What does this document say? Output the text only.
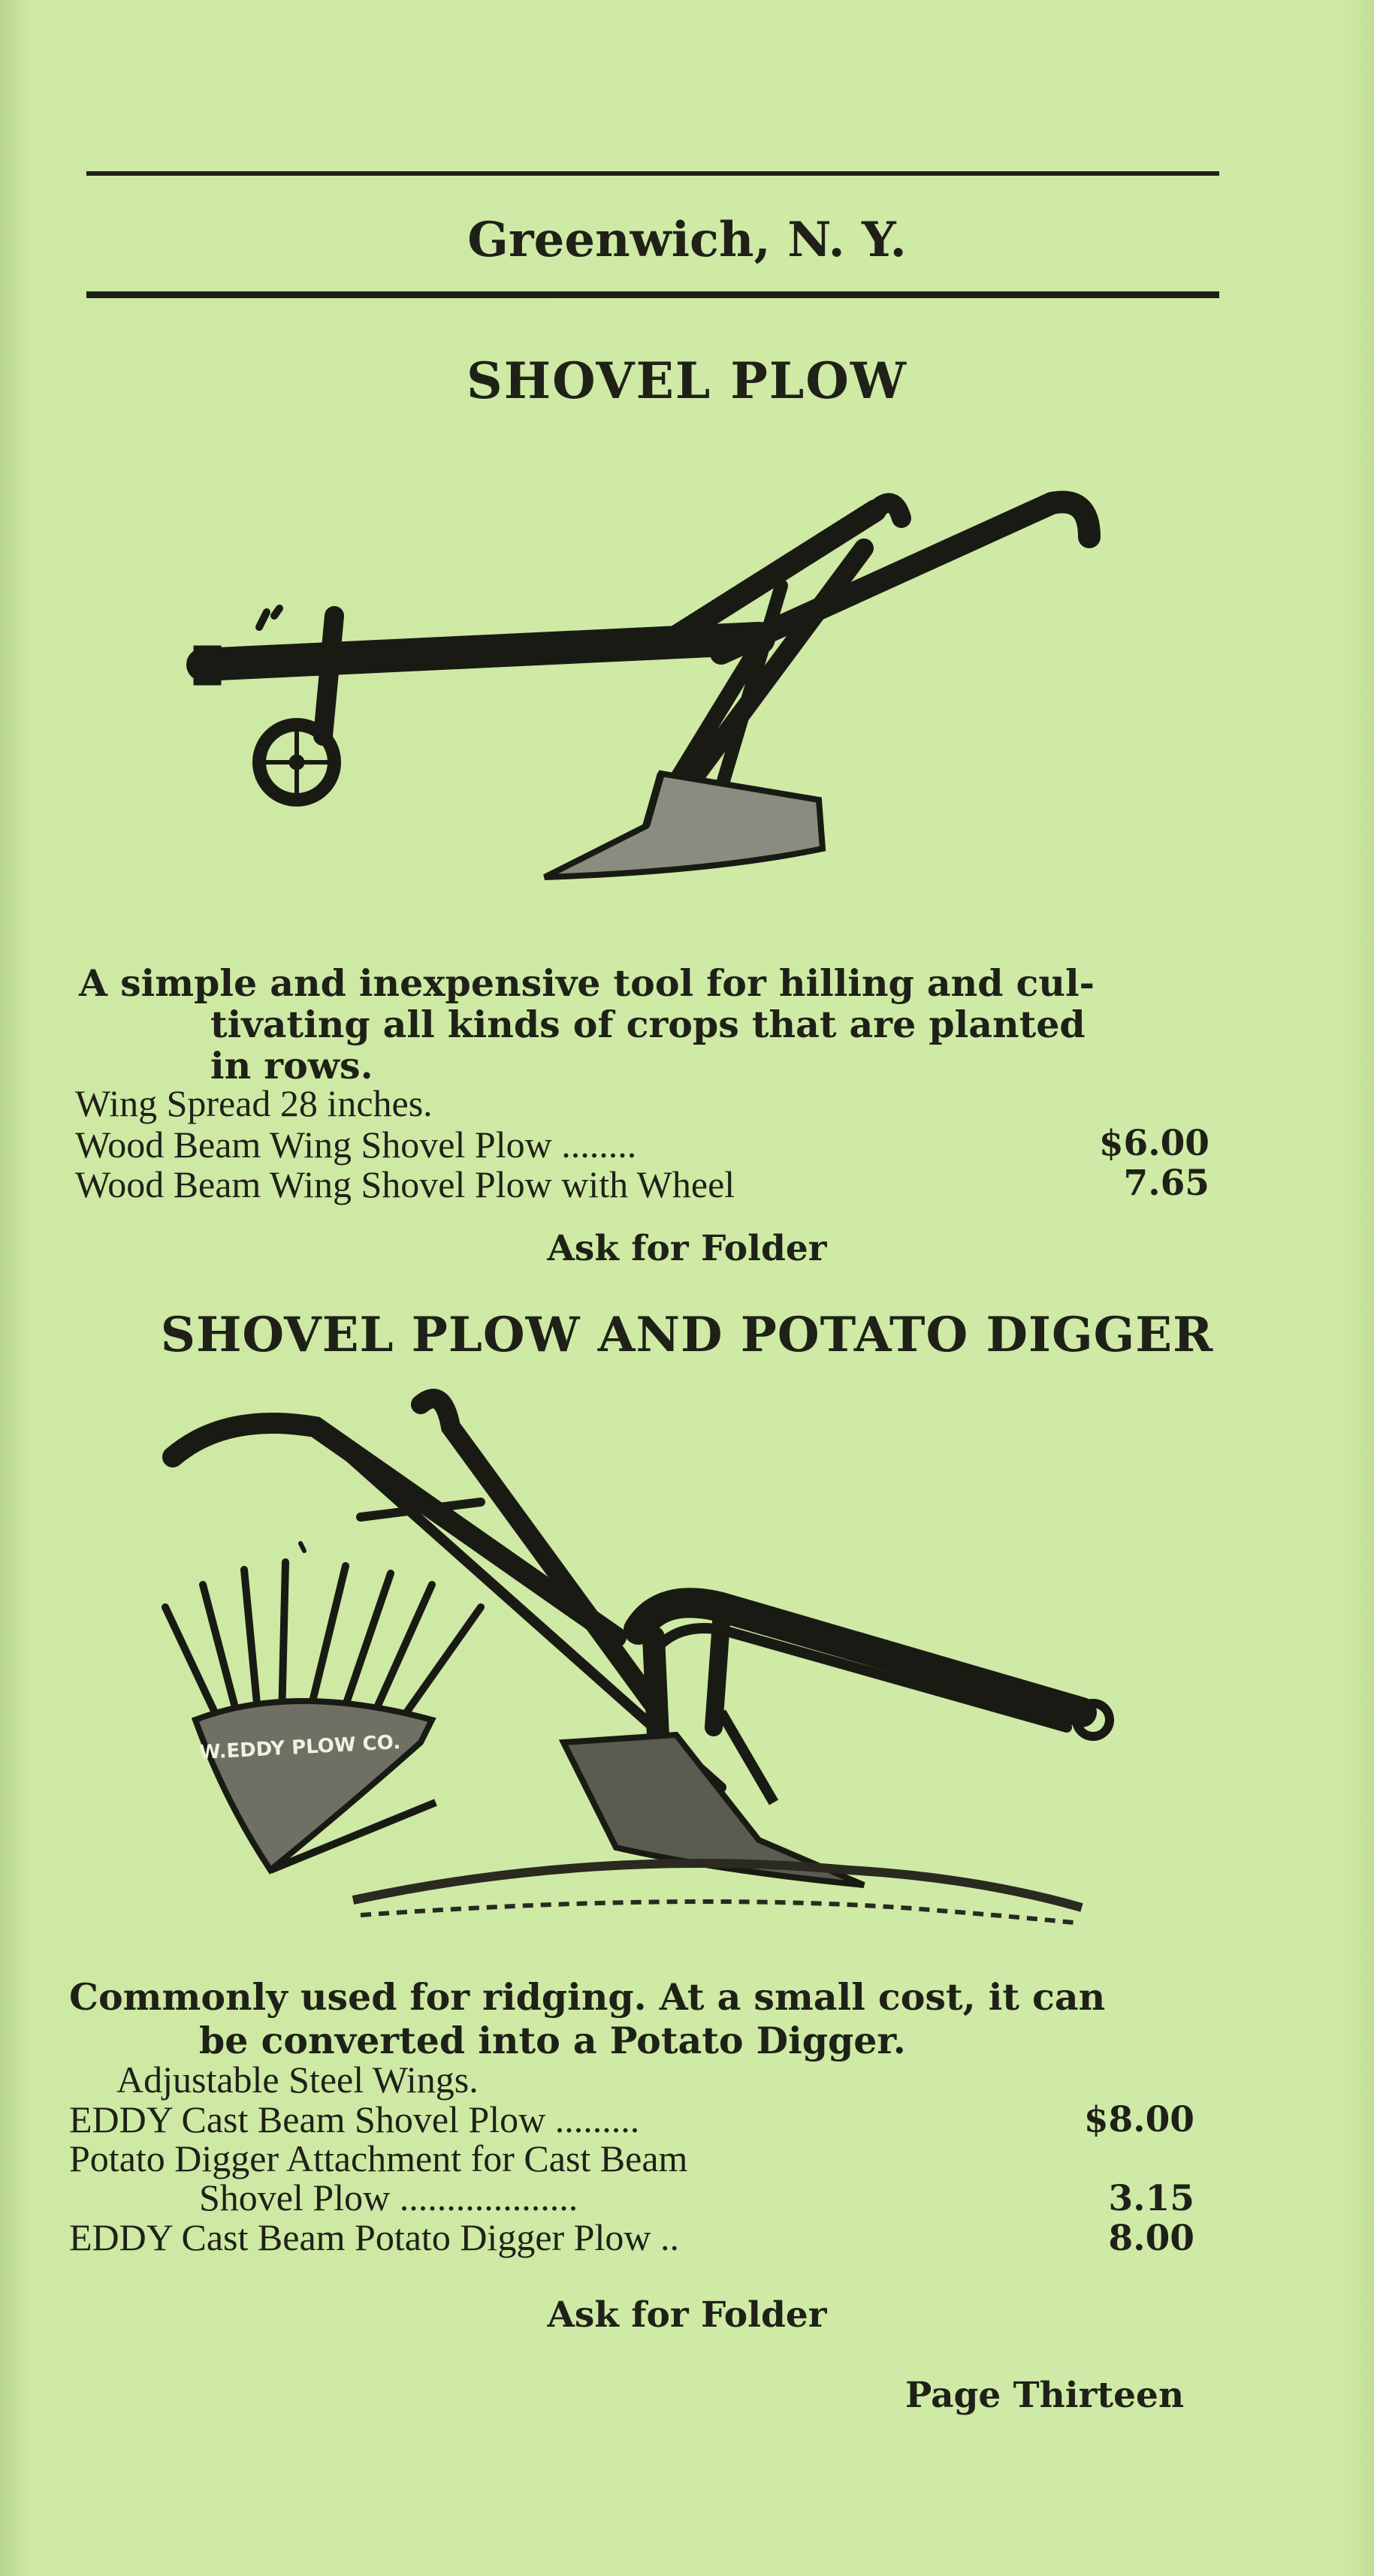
Greenwich, N. Y.
SHOVEL PLOW
A simple and inexpensive tool for hilling and cul-
tivating all kinds of crops that are planted
in rows.
Wing Spread 28 inches.
Wood Beam Wing Shovel Plow ........	$6.00
Wood Beam Wing Shovel Plow with Wheel	7.65
Ask for Folder
SHOVEL PLOW AND POTATO DIGGER
W.EDDY PLOW CO.
Commonly used for ridging. At a small cost, it can
be converted into a Potato Digger.
Adjustable Steel Wings.
EDDY Cast Beam Shovel Plow .........	$8.00
Potato Digger Attachment for Cast Beam
Shovel Plow ...................	3.15
EDDY Cast Beam Potato Digger Plow ..	8.00
Ask for Folder
Page Thirteen
